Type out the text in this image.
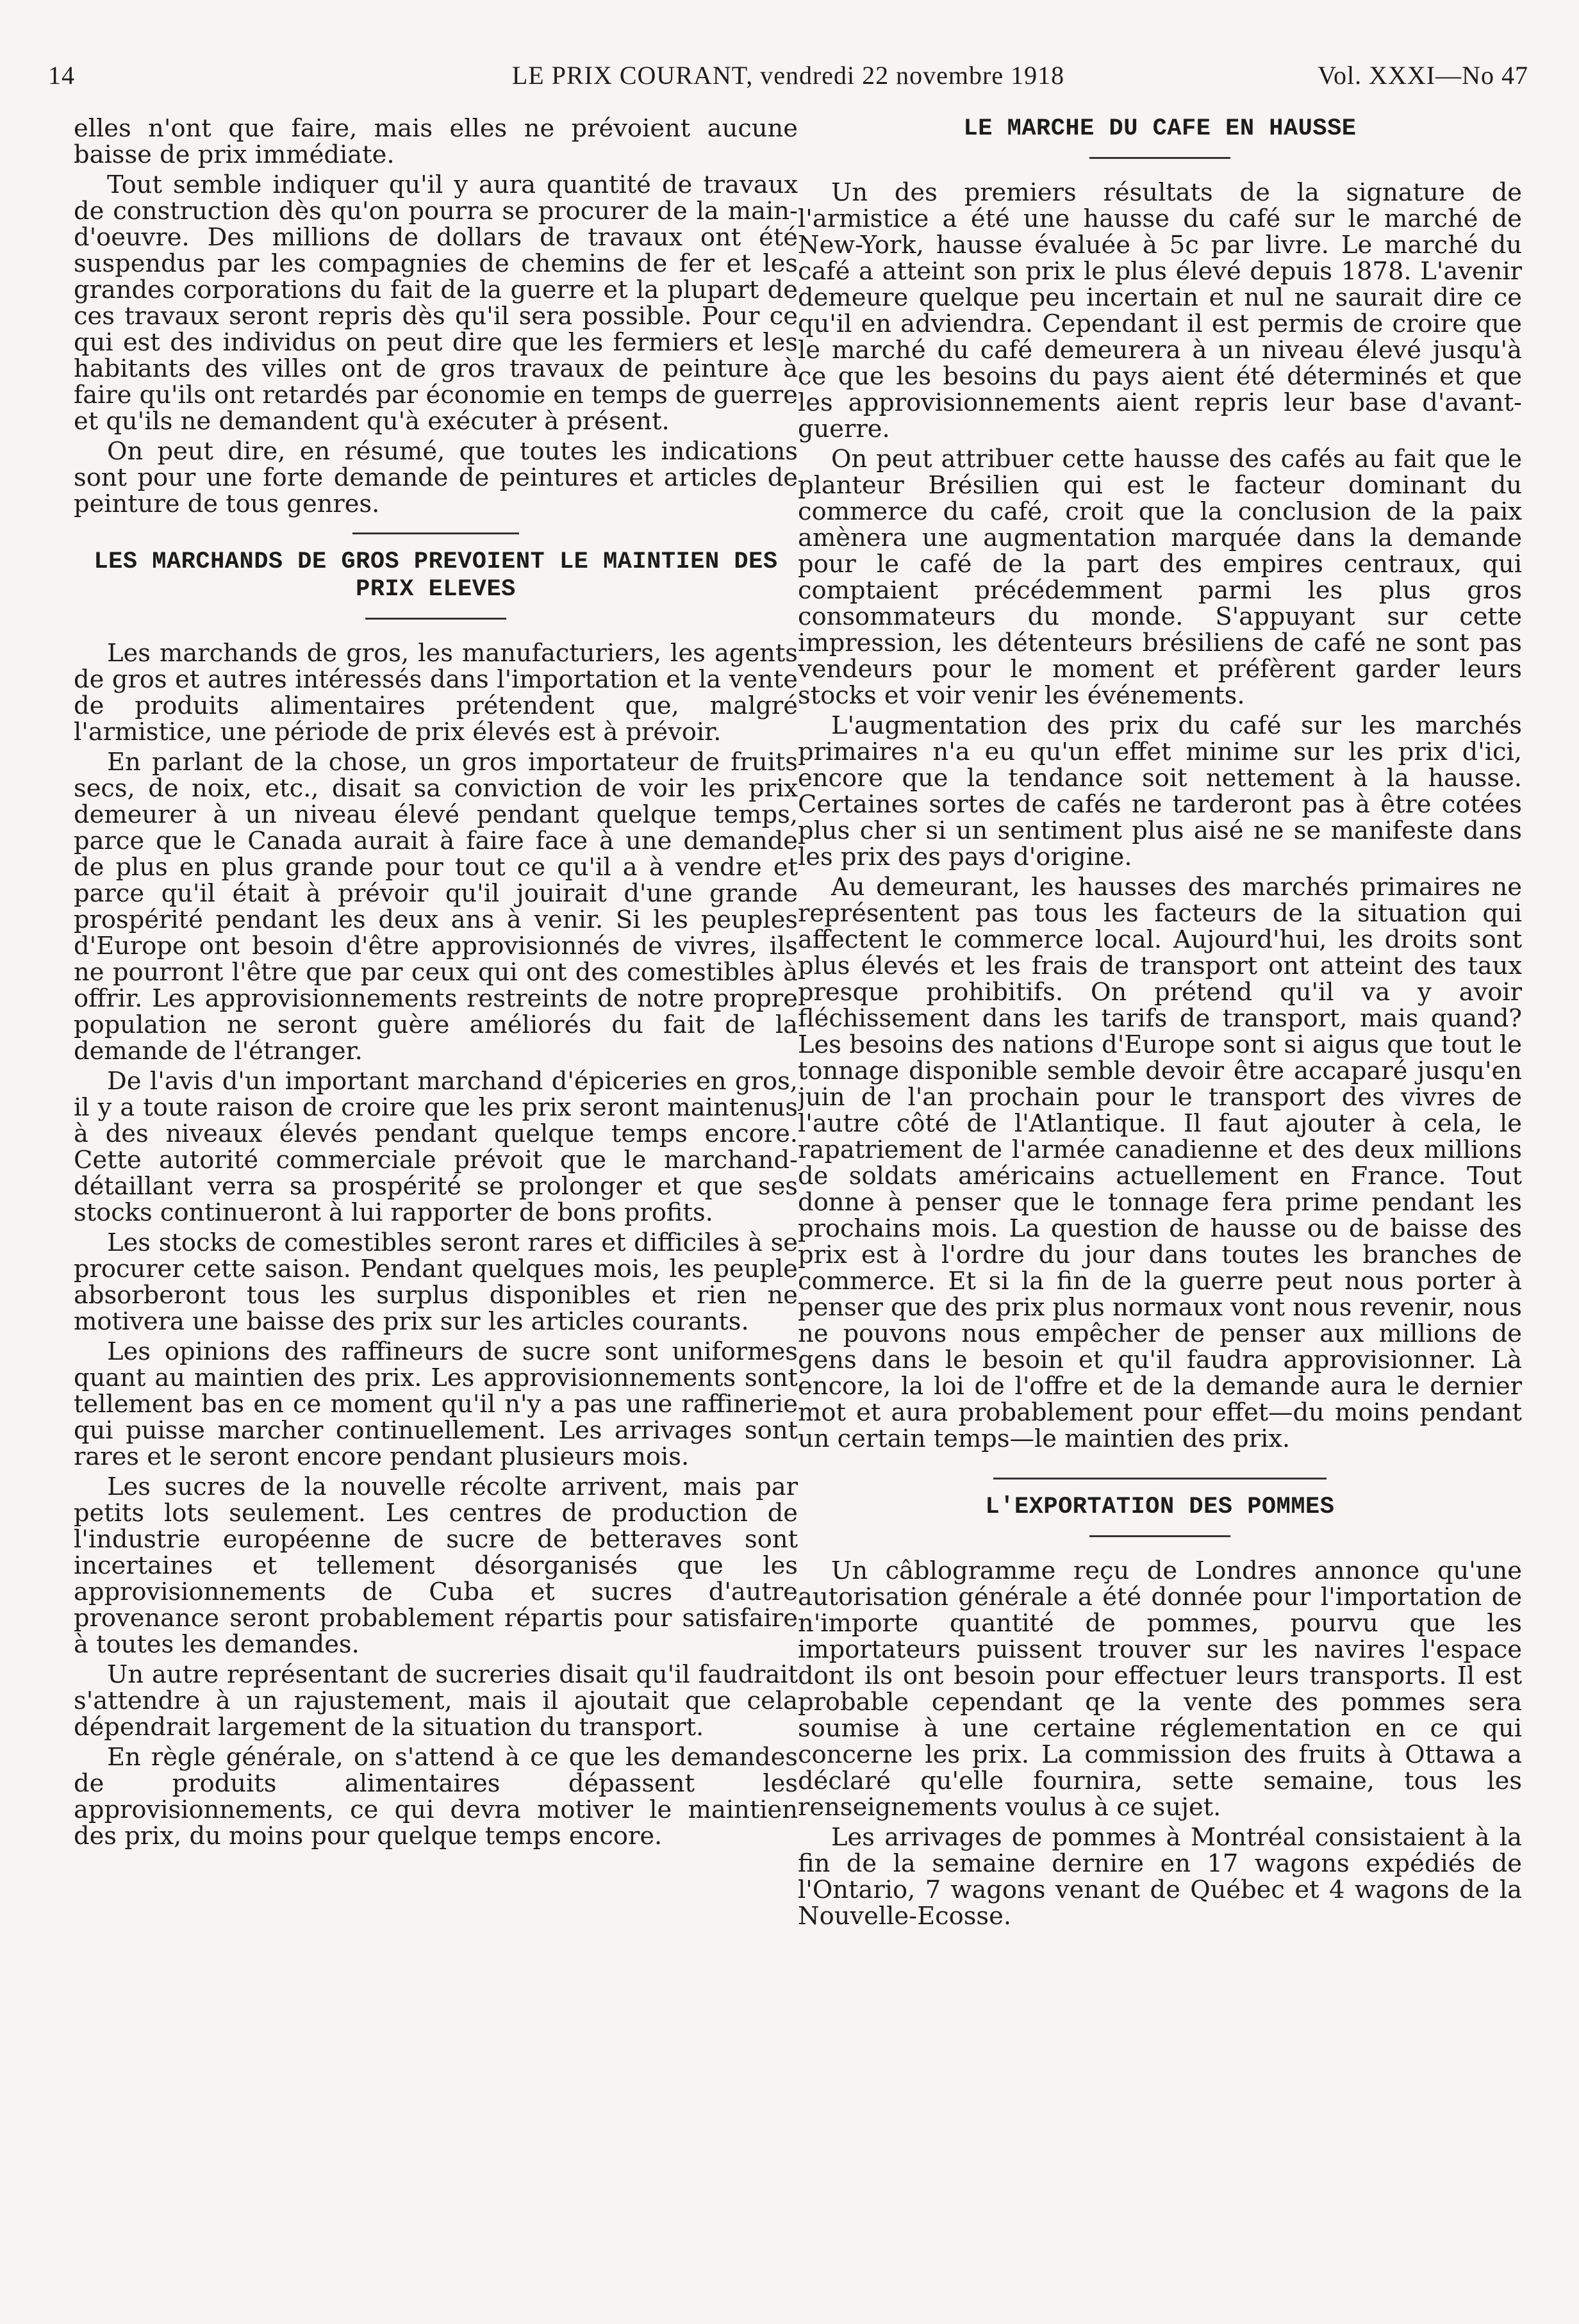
14	LE PRIX COURANT, vendredi 22 novembre 1918	Vol. XXXI—No 47

elles n'ont que faire, mais elles ne prévoient aucune baisse de prix immédiate.

Tout semble indiquer qu'il y aura quantité de travaux de construction dès qu'on pourra se procurer de la main-d'oeuvre. Des millions de dollars de travaux ont été suspendus par les compagnies de chemins de fer et les grandes corporations du fait de la guerre et la plupart de ces travaux seront repris dès qu'il sera possible. Pour ce qui est des individus on peut dire que les fermiers et les habitants des villes ont de gros travaux de peinture à faire qu'ils ont retardés par économie en temps de guerre et qu'ils ne demandent qu'à exécuter à présent.

On peut dire, en résumé, que toutes les indications sont pour une forte demande de peintures et articles de peinture de tous genres.

LES MARCHANDS DE GROS PREVOIENT LE MAINTIEN DES PRIX ELEVES

Les marchands de gros, les manufacturiers, les agents de gros et autres intéressés dans l'importation et la vente de produits alimentaires prétendent que, malgré l'armistice, une période de prix élevés est à prévoir.

En parlant de la chose, un gros importateur de fruits secs, de noix, etc., disait sa conviction de voir les prix demeurer à un niveau élevé pendant quelque temps, parce que le Canada aurait à faire face à une demande de plus en plus grande pour tout ce qu'il a à vendre et parce qu'il était à prévoir qu'il jouirait d'une grande prospérité pendant les deux ans à venir. Si les peuples d'Europe ont besoin d'être approvisionnés de vivres, ils ne pourront l'être que par ceux qui ont des comestibles à offrir. Les approvisionnements restreints de notre propre population ne seront guère améliorés du fait de la demande de l'étranger.

De l'avis d'un important marchand d'épiceries en gros, il y a toute raison de croire que les prix seront maintenus à des niveaux élevés pendant quelque temps encore. Cette autorité commerciale prévoit que le marchand-détaillant verra sa prospérité se prolonger et que ses stocks continueront à lui rapporter de bons profits.

Les stocks de comestibles seront rares et difficiles à se procurer cette saison. Pendant quelques mois, les peuple absorberont tous les surplus disponibles et rien ne motivera une baisse des prix sur les articles courants.

Les opinions des raffineurs de sucre sont uniformes quant au maintien des prix. Les approvisionnements sont tellement bas en ce moment qu'il n'y a pas une raffinerie qui puisse marcher continuellement. Les arrivages sont rares et le seront encore pendant plusieurs mois.

Les sucres de la nouvelle récolte arrivent, mais par petits lots seulement. Les centres de production de l'industrie européenne de sucre de betteraves sont incertaines et tellement désorganisés que les approvisionnements de Cuba et sucres d'autre provenance seront probablement répartis pour satisfaire à toutes les demandes.

Un autre représentant de sucreries disait qu'il faudrait s'attendre à un rajustement, mais il ajoutait que cela dépendrait largement de la situation du transport.

En règle générale, on s'attend à ce que les demandes de produits alimentaires dépassent les approvisionnements, ce qui devra motiver le maintien des prix, du moins pour quelque temps encore.

LE MARCHE DU CAFE EN HAUSSE

Un des premiers résultats de la signature de l'armistice a été une hausse du café sur le marché de New-York, hausse évaluée à 5c par livre. Le marché du café a atteint son prix le plus élevé depuis 1878. L'avenir demeure quelque peu incertain et nul ne saurait dire ce qu'il en adviendra. Cependant il est permis de croire que le marché du café demeurera à un niveau élevé jusqu'à ce que les besoins du pays aient été déterminés et que les approvisionnements aient repris leur base d'avant-guerre.

On peut attribuer cette hausse des cafés au fait que le planteur Brésilien qui est le facteur dominant du commerce du café, croit que la conclusion de la paix amènera une augmentation marquée dans la demande pour le café de la part des empires centraux, qui comptaient précédemment parmi les plus gros consommateurs du monde. S'appuyant sur cette impression, les détenteurs brésiliens de café ne sont pas vendeurs pour le moment et préfèrent garder leurs stocks et voir venir les événements.

L'augmentation des prix du café sur les marchés primaires n'a eu qu'un effet minime sur les prix d'ici, encore que la tendance soit nettement à la hausse. Certaines sortes de cafés ne tarderont pas à être cotées plus cher si un sentiment plus aisé ne se manifeste dans les prix des pays d'origine.

Au demeurant, les hausses des marchés primaires ne représentent pas tous les facteurs de la situation qui affectent le commerce local. Aujourd'hui, les droits sont plus élevés et les frais de transport ont atteint des taux presque prohibitifs. On prétend qu'il va y avoir fléchissement dans les tarifs de transport, mais quand? Les besoins des nations d'Europe sont si aigus que tout le tonnage disponible semble devoir être accaparé jusqu'en juin de l'an prochain pour le transport des vivres de l'autre côté de l'Atlantique. Il faut ajouter à cela, le rapatriement de l'armée canadienne et des deux millions de soldats américains actuellement en France. Tout donne à penser que le tonnage fera prime pendant les prochains mois. La question de hausse ou de baisse des prix est à l'ordre du jour dans toutes les branches de commerce. Et si la fin de la guerre peut nous porter à penser que des prix plus normaux vont nous revenir, nous ne pouvons nous empêcher de penser aux millions de gens dans le besoin et qu'il faudra approvisionner. Là encore, la loi de l'offre et de la demande aura le dernier mot et aura probablement pour effet—du moins pendant un certain temps—le maintien des prix.

L'EXPORTATION DES POMMES

Un câblogramme reçu de Londres annonce qu'une autorisation générale a été donnée pour l'importation de n'importe quantité de pommes, pourvu que les importateurs puissent trouver sur les navires l'espace dont ils ont besoin pour effectuer leurs transports. Il est probable cependant qe la vente des pommes sera soumise à une certaine réglementation en ce qui concerne les prix. La commission des fruits à Ottawa a déclaré qu'elle fournira, sette semaine, tous les renseignements voulus à ce sujet.

Les arrivages de pommes à Montréal consistaient à la fin de la semaine dernire en 17 wagons expédiés de l'Ontario, 7 wagons venant de Québec et 4 wagons de la Nouvelle-Ecosse.
